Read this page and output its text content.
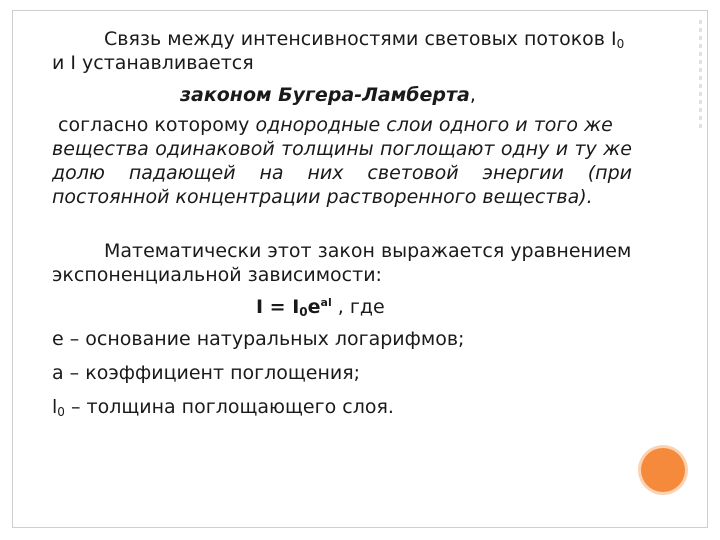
Связь между интенсивностями световых потоков $I_0$
и I устанавливается
законом Бугера-Ламберта,
согласно которому однородные слои одного и того же
вещества одинаковой толщины поглощают одну и ту же
долю падающей на них световой энергии (при
постоянной концентрации растворенного вещества).
Математически этот закон выражается уравнением
экспоненциальной зависимости:
$I = I_0e^{al}$ , где
е – основание натуральных логарифмов;
а – коэффициент поглощения;
$l_0$ – толщина поглощающего слоя.
